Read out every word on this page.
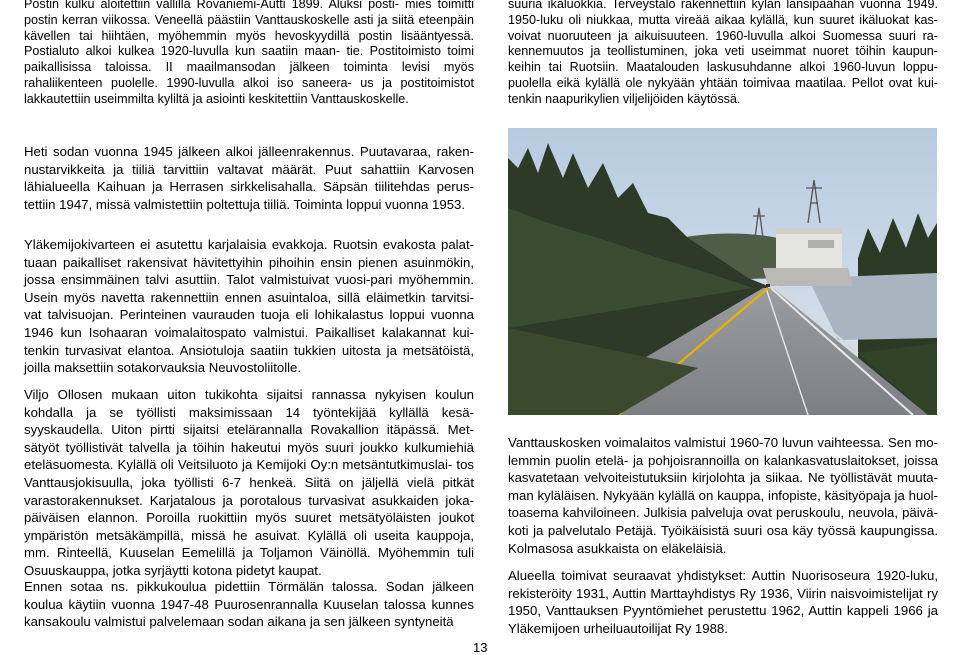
Postin kulku aloitettiin vällillä Rovaniemi-Autti 1899. Aluksi posti- mies toimitti postin kerran viikossa. Veneellä päästiin Vanttauskoskelle asti ja siitä eteenpäin kävellen tai hiihtäen, myöhemmin myös hevoskyydillä postin lisääntyessä. Postialuto alkoi kulkea 1920-luvulla kun saatiin maan- tie. Postitoimisto toimi paikallisissa taloissa. II maailmansodan jälkeen toiminta levisi myös rahaliikenteen puolelle. 1990-luvulla alkoi iso saneera- us ja postitoimistot lakkautettiin useimmilta kyliltä ja asiointi keskitettiin Vanttauskoskelle.

Heti sodan vuonna 1945 jälkeen alkoi jälleenrakennus. Puutavaraa, raken- nustarvikkeita ja tiiliä tarvittiin valtavat määrät. Puut sahattiin Karvosen lähialueella Kaihuan ja Herrasen sirkkelisahalla. Säpsän tiilitehdas perus- tettiin 1947, missä valmistettiin poltettuja tiiliä. Toiminta loppui vuonna 1953.

Yläkemijokivarteen ei asutettu karjalaisia evakkoja. Ruotsin evakosta palat- tuaan paikalliset rakensivat hävitettyihin pihoihin ensin pienen asuinmökin, jossa ensimmäinen talvi asuttiin. Talot valmistuivat vuosi-pari myöhemmin. Usein myös navetta rakennettiin ennen asuintaloa, sillä eläimetkin tarvitsi- vat talvisuojan. Perinteinen vaurauden tuoja eli lohikalastus loppui vuonna 1946 kun Isohaaran voimalaitospato valmistui. Paikalliset kalakannat kui- tenkin turvasivat elantoa. Ansiotuloja saatiin tukkien uitosta ja metsätöistä, joilla maksettiin sotakorvauksia Neuvostoliitolle.

Viljo Ollosen mukaan uiton tukikohta sijaitsi rannassa nykyisen koulun kohdalla ja se työllisti maksimissaan 14 työntekijää kyllällä kesä- syyskaudella. Uiton pirtti sijaitsi etelärannalla Rovakallion itäpässä. Met- sätyöt työllistivät talvella ja töihin hakeutui myös suuri joukko kulkumiehiä eteläsuomesta. Kylällä oli Veitsiluoto ja Kemijoki Oy:n metsäntutkimuslai- tos Vanttausjokisuulla, joka työllisti 6-7 henkeä. Siitä on jäljellä vielä pitkät varastorakennukset. Karjatalous ja porotalous turvasivat asukkaiden joka- päiväisen elannon. Poroilla ruokittiin myös suuret metsätyöläisten joukot ympäristön metsäkämpillä, missä he asuivat. Kylällä oli useita kauppoja, mm. Rinteellä, Kuuselan Eemelillä ja Toljamon Väinöllä. Myöhemmin tuli Osuuskauppa, jotka syrjäytti kotona pidetyt kaupat.

Ennen sotaa ns. pikkukoulua pidettiin Törmälän talossa. Sodan jälkeen koulua käytiin vuonna 1947-48 Puurosenrannalla Kuuselan talossa kunnes kansakoulu valmistui palvelemaan sodan aikana ja sen jälkeen syntyneitä

suuria ikäluokkia. Terveystalo rakennettiin kylän länsipäähän vuonna 1949. 1950-luku oli niukkaa, mutta vireää aikaa kylällä, kun suuret ikäluokat kas- voivat nuoruuteen ja aikuisuuteen. 1960-luvulla alkoi Suomessa suuri ra- kennemuutos ja teollistuminen, joka veti useimmat nuoret töihin kaupun- keihin tai Ruotsiin. Maatalouden laskusuhdanne alkoi 1960-luvun loppu- puolella eikä kylällä ole nykyään yhtään toimivaa maatilaa. Pellot ovat kui- tenkin naapurikylien viljelijöiden käytössä.

Vanttauskosken voimalaitos valmistui 1960-70 luvun vaihteessa. Sen mo- lemmin puolin etelä- ja pohjoisrannoilla on kalankasvatuslaitokset, joissa kasvatetaan velvoiteistutuksiin kirjolohta ja siikaa. Ne työllistävät muuta- man kyläläisen. Nykyään kylällä on kauppa, infopiste, käsityöpaja ja huol- toasema kahviloineen. Julkisia palveluja ovat peruskoulu, neuvola, päivä- koti ja palvelutalo Petäjä. Työikäisistä suuri osa käy työssä kaupungissa. Kolmasosa asukkaista on eläkeläisiä.

Alueella toimivat seuraavat yhdistykset: Auttin Nuorisoseura 1920-luku, rekisteröity 1931, Auttin Marttayhdistys Ry 1936, Viirin naisvoimistelijat ry 1950, Vanttauksen Pyyntömiehet perustettu 1962, Auttin kappeli 1966 ja Yläkemijoen urheiluautoilijat Ry 1988.

13
